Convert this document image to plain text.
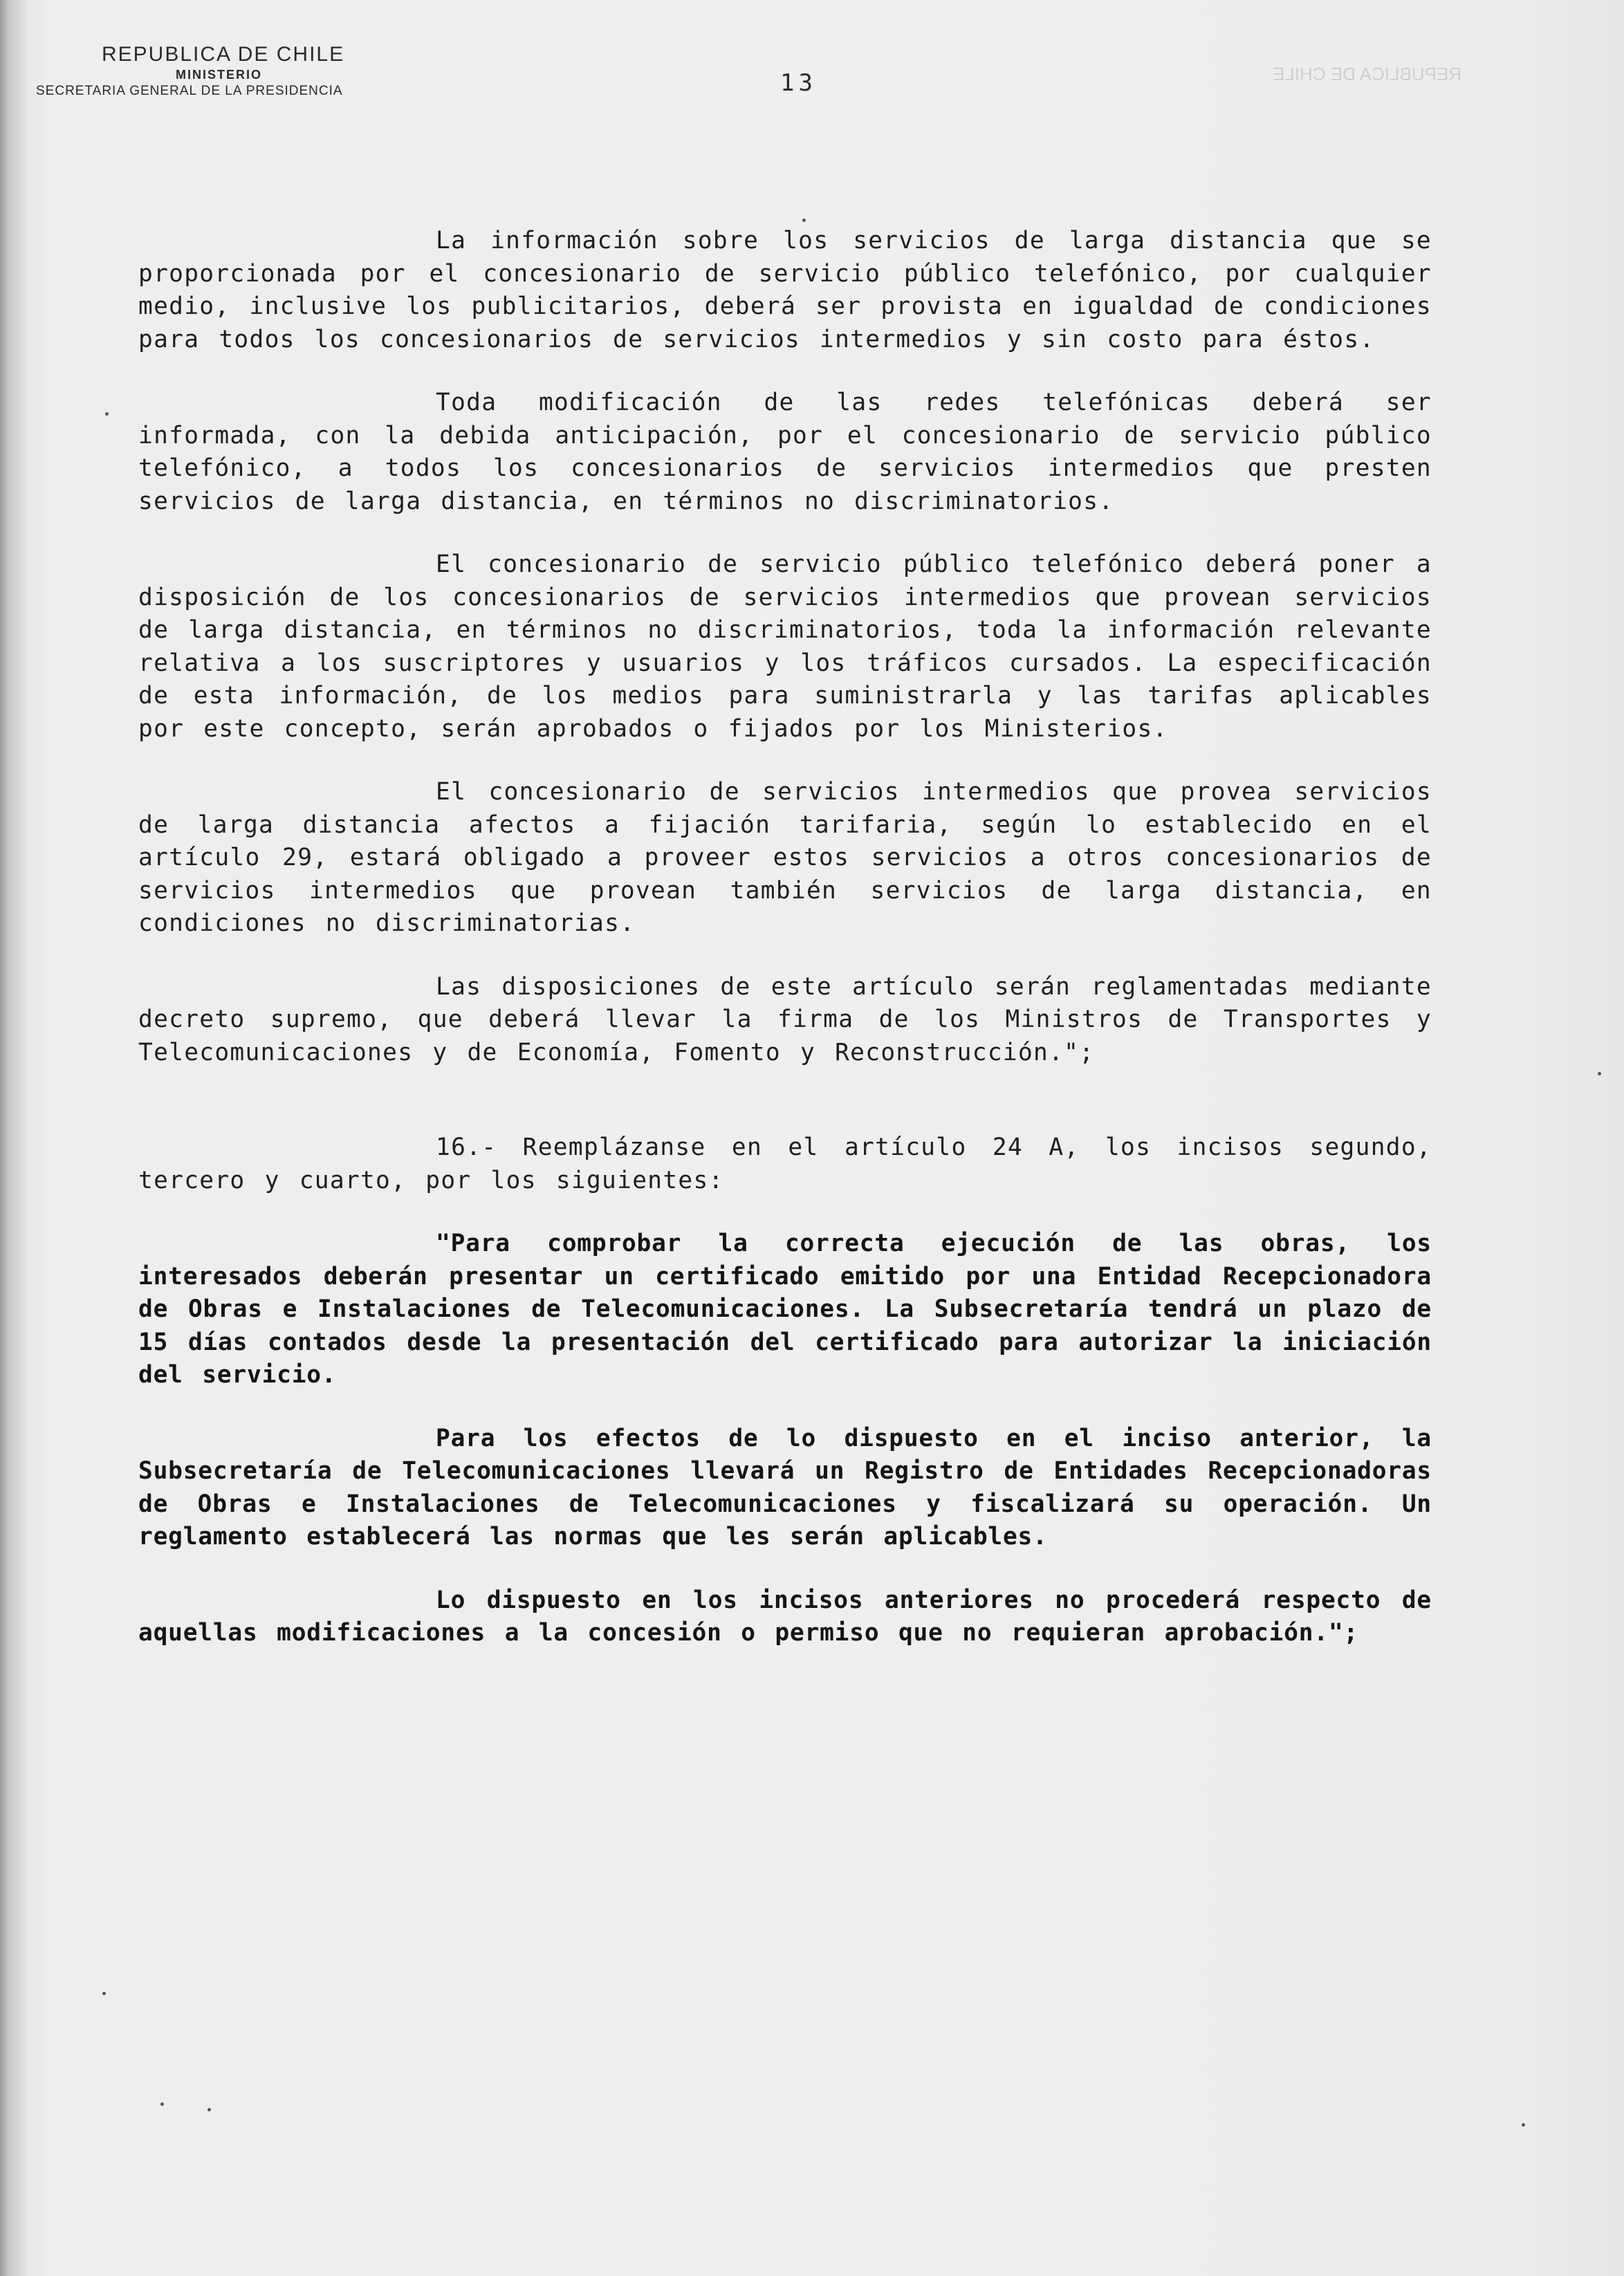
REPUBLICA DE CHILE
MINISTERIO
SECRETARIA GENERAL DE LA PRESIDENCIA
REPUBLICA DE CHILE
13

La información sobre los servicios de larga distancia que se proporcionada por el concesionario de servicio público telefónico, por cualquier medio, inclusive los publicitarios, deberá ser provista en igualdad de condiciones para todos los concesionarios de servicios intermedios y sin costo para éstos.

Toda modificación de las redes telefónicas deberá ser informada, con la debida anticipación, por el concesionario de servicio público telefónico, a todos los concesionarios de servicios intermedios que presten servicios de larga distancia, en términos no discriminatorios.

El concesionario de servicio público telefónico deberá poner a disposición de los concesionarios de servicios intermedios que provean servicios de larga distancia, en términos no discriminatorios, toda la información relevante relativa a los suscriptores y usuarios y los tráficos cursados. La especificación de esta información, de los medios para suministrarla y las tarifas aplicables por este concepto, serán aprobados o fijados por los Ministerios.

El concesionario de servicios intermedios que provea servicios de larga distancia afectos a fijación tarifaria, según lo establecido en el artículo 29, estará obligado a proveer estos servicios a otros concesionarios de servicios intermedios que provean también servicios de larga distancia, en condiciones no discriminatorias.

Las disposiciones de este artículo serán reglamentadas mediante decreto supremo, que deberá llevar la firma de los Ministros de Transportes y Telecomunicaciones y de Economía, Fomento y Reconstrucción.";

16.- Reemplázanse en el artículo 24 A, los incisos segundo, tercero y cuarto, por los siguientes:

"Para comprobar la correcta ejecución de las obras, los interesados deberán presentar un certificado emitido por una Entidad Recepcionadora de Obras e Instalaciones de Telecomunicaciones. La Subsecretaría tendrá un plazo de 15 días contados desde la presentación del certificado para autorizar la iniciación del servicio.

Para los efectos de lo dispuesto en el inciso anterior, la Subsecretaría de Telecomunicaciones llevará un Registro de Entidades Recepcionadoras de Obras e Instalaciones de Telecomunicaciones y fiscalizará su operación. Un reglamento establecerá las normas que les serán aplicables.

Lo dispuesto en los incisos anteriores no procederá respecto de aquellas modificaciones a la concesión o permiso que no requieran aprobación.";
